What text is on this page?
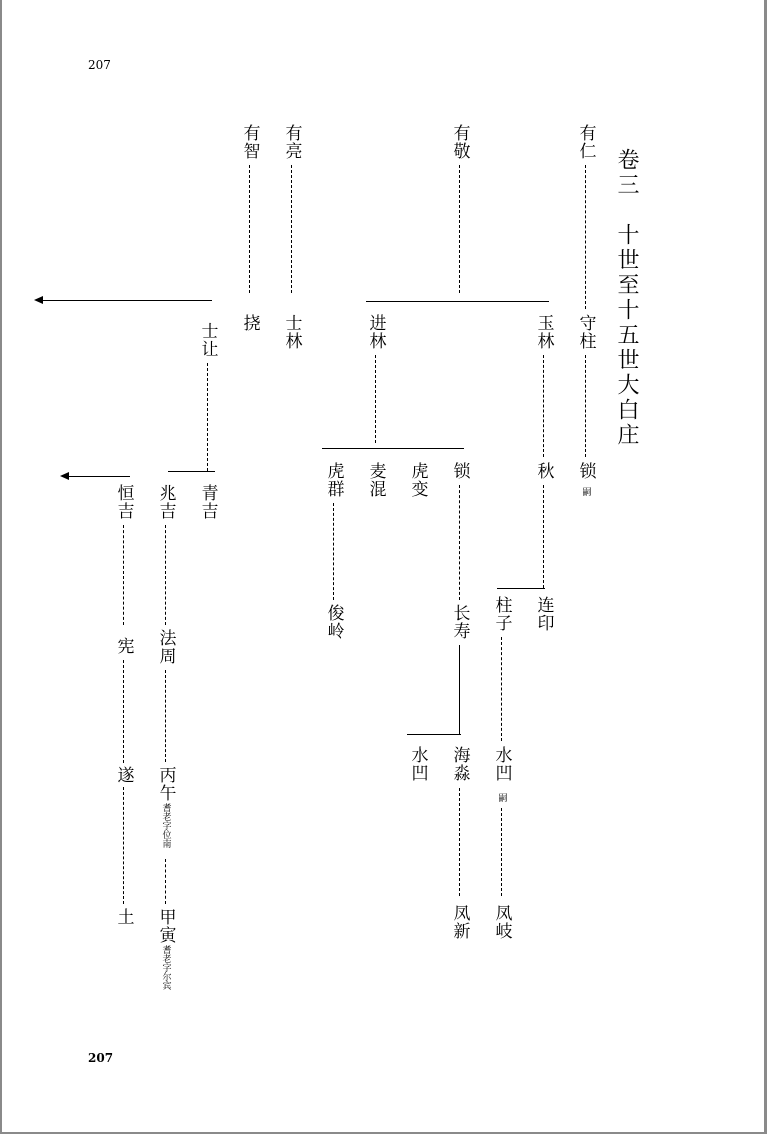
207
207
卷三　十世至十五世大白庄
有仁
有敬
有亮
有智
守柱
玉林
进林
士林
挠
士让
锁
嗣
秋
锁
虎变
麦混
虎群
青吉
兆吉
恒吉
连印
柱子
长寿
俊岭
法周
宪
水凹
嗣
海淼
水凹
丙午
耆老字位南
遂
凤岐
凤新
甲寅
耆老字尔宾
土
